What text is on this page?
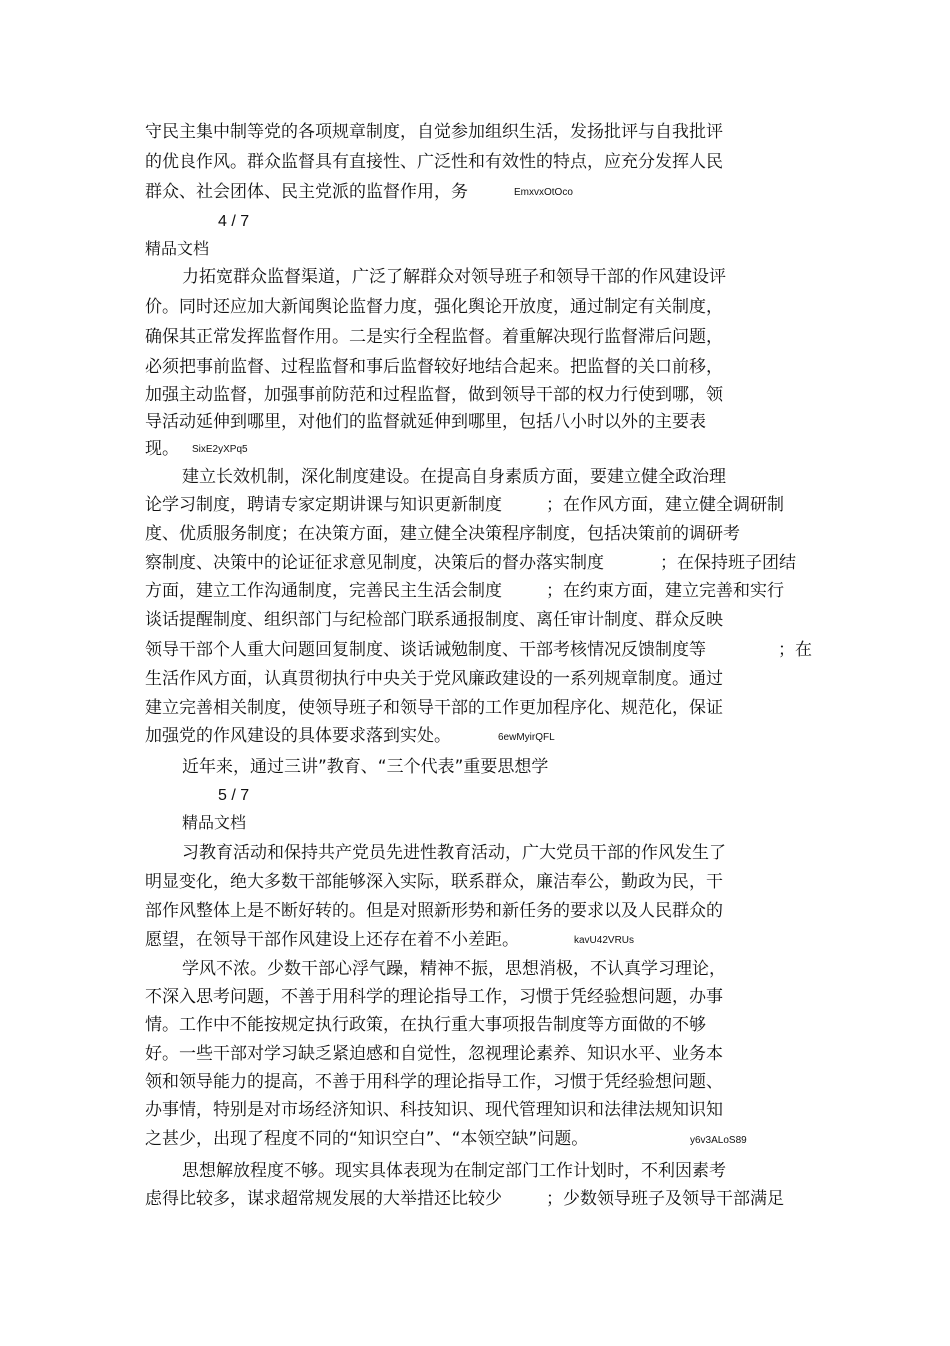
守民主集中制等党的各项规章制度，自觉参加组织生活，发扬批评与自我批评
的优良作风。群众监督具有直接性、广泛性和有效性的特点，应充分发挥人民
群众、社会团体、民主党派的监督作用，务	EmxvxOtOco
4 / 7
精品文档
力拓宽群众监督渠道，广泛了解群众对领导班子和领导干部的作风建设评
价。同时还应加大新闻舆论监督力度，强化舆论开放度，通过制定有关制度，
确保其正常发挥监督作用。二是实行全程监督。着重解决现行监督滞后问题，
必须把事前监督、过程监督和事后监督较好地结合起来。把监督的关口前移，
加强主动监督，加强事前防范和过程监督，做到领导干部的权力行使到哪，领
导活动延伸到哪里，对他们的监督就延伸到哪里，包括八小时以外的主要表
现。 SixE2yXPq5
建立长效机制，深化制度建设。在提高自身素质方面，要建立健全政治理
论学习制度，聘请专家定期讲课与知识更新制度	；在作风方面，建立健全调研制
度、优质服务制度；在决策方面，建立健全决策程序制度，包括决策前的调研考
察制度、决策中的论证征求意见制度，决策后的督办落实制度	；在保持班子团结
方面，建立工作沟通制度，完善民主生活会制度	；在约束方面，建立完善和实行
谈话提醒制度、组织部门与纪检部门联系通报制度、离任审计制度、群众反映
领导干部个人重大问题回复制度、谈话诫勉制度、干部考核情况反馈制度等	；在
生活作风方面，认真贯彻执行中央关于党风廉政建设的一系列规章制度。通过
建立完善相关制度，使领导班子和领导干部的工作更加程序化、规范化，保证
加强党的作风建设的具体要求落到实处。	6ewMyirQFL
近年来，通过三讲”教育、“三个代表”重要思想学
5 / 7
精品文档
习教育活动和保持共产党员先进性教育活动，广大党员干部的作风发生了
明显变化，绝大多数干部能够深入实际，联系群众，廉洁奉公，勤政为民，干
部作风整体上是不断好转的。但是对照新形势和新任务的要求以及人民群众的
愿望，在领导干部作风建设上还存在着不小差距。	kavU42VRUs
学风不浓。少数干部心浮气躁，精神不振，思想消极，不认真学习理论，
不深入思考问题，不善于用科学的理论指导工作，习惯于凭经验想问题，办事
情。工作中不能按规定执行政策，在执行重大事项报告制度等方面做的不够
好。一些干部对学习缺乏紧迫感和自觉性，忽视理论素养、知识水平、业务本
领和领导能力的提高，不善于用科学的理论指导工作，习惯于凭经验想问题、
办事情，特别是对市场经济知识、科技知识、现代管理知识和法律法规知识知
之甚少，出现了程度不同的“知识空白”、“本领空缺”问题。	y6v3ALoS89
思想解放程度不够。现实具体表现为在制定部门工作计划时，不利因素考
虑得比较多，谋求超常规发展的大举措还比较少	；少数领导班子及领导干部满足
